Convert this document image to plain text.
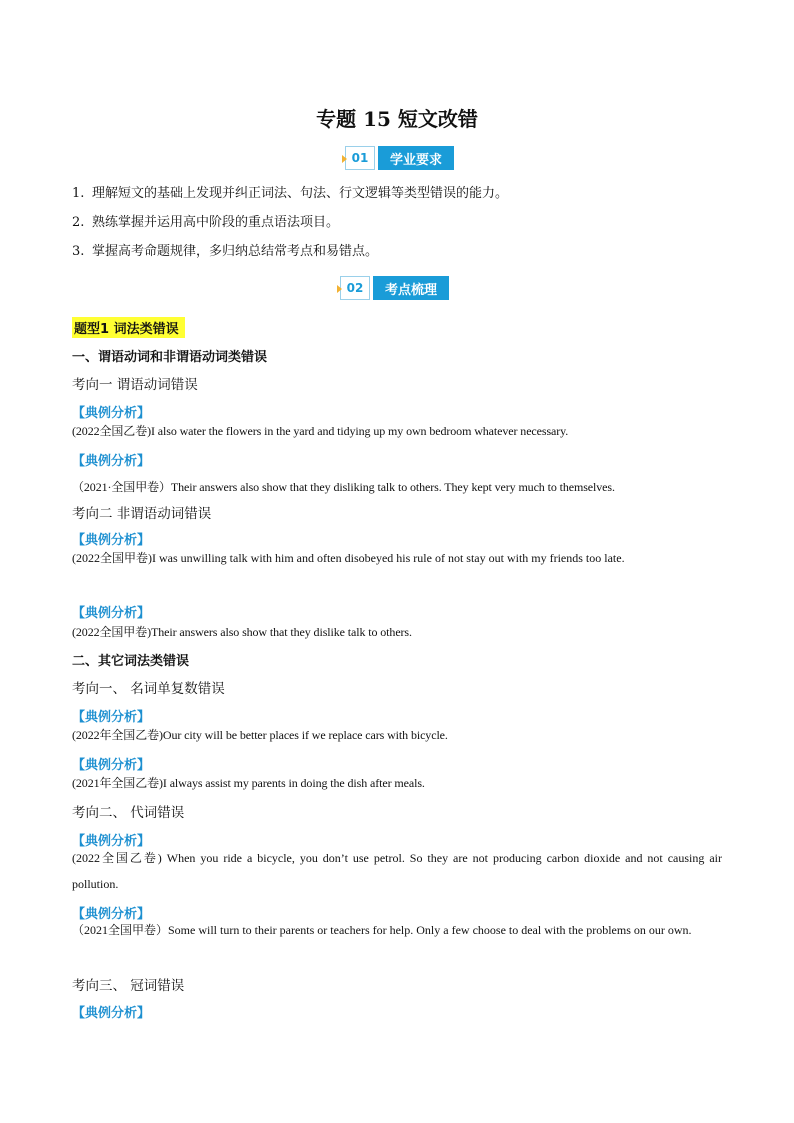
专题 15 短文改错
01	学业要求
1. 理解短文的基础上发现并纠正词法、句法、行文逻辑等类型错误的能力。
2. 熟练掌握并运用高中阶段的重点语法项目。
3. 掌握高考命题规律，多归纳总结常考点和易错点。
02	考点梳理
题型1 词法类错误
一、谓语动词和非谓语动词类错误
考向一 谓语动词错误
【典例分析】
(2022全国乙卷)I also water the flowers in the yard and tidying up my own bedroom whatever necessary.
【典例分析】
（2021·全国甲卷）Their answers also show that they disliking talk to others. They kept very much to themselves.
考向二 非谓语动词错误
【典例分析】
(2022全国甲卷)I was unwilling talk with him and often disobeyed his rule of not stay out with my friends too late.
【典例分析】
(2022全国甲卷)Their answers also show that they dislike talk to others.
二、其它词法类错误
考向一、 名词单复数错误
【典例分析】
(2022年全国乙卷)Our city will be better places if we replace cars with bicycle.
【典例分析】
(2021年全国乙卷)I always assist my parents in doing the dish after meals.
考向二、 代词错误
【典例分析】
(2022全国乙卷) When you ride a bicycle, you don’t use petrol. So they are not producing carbon dioxide and not causing air pollution.
【典例分析】
（2021全国甲卷）Some will turn to their parents or teachers for help. Only a few choose to deal with the problems on our own.
考向三、 冠词错误
【典例分析】
